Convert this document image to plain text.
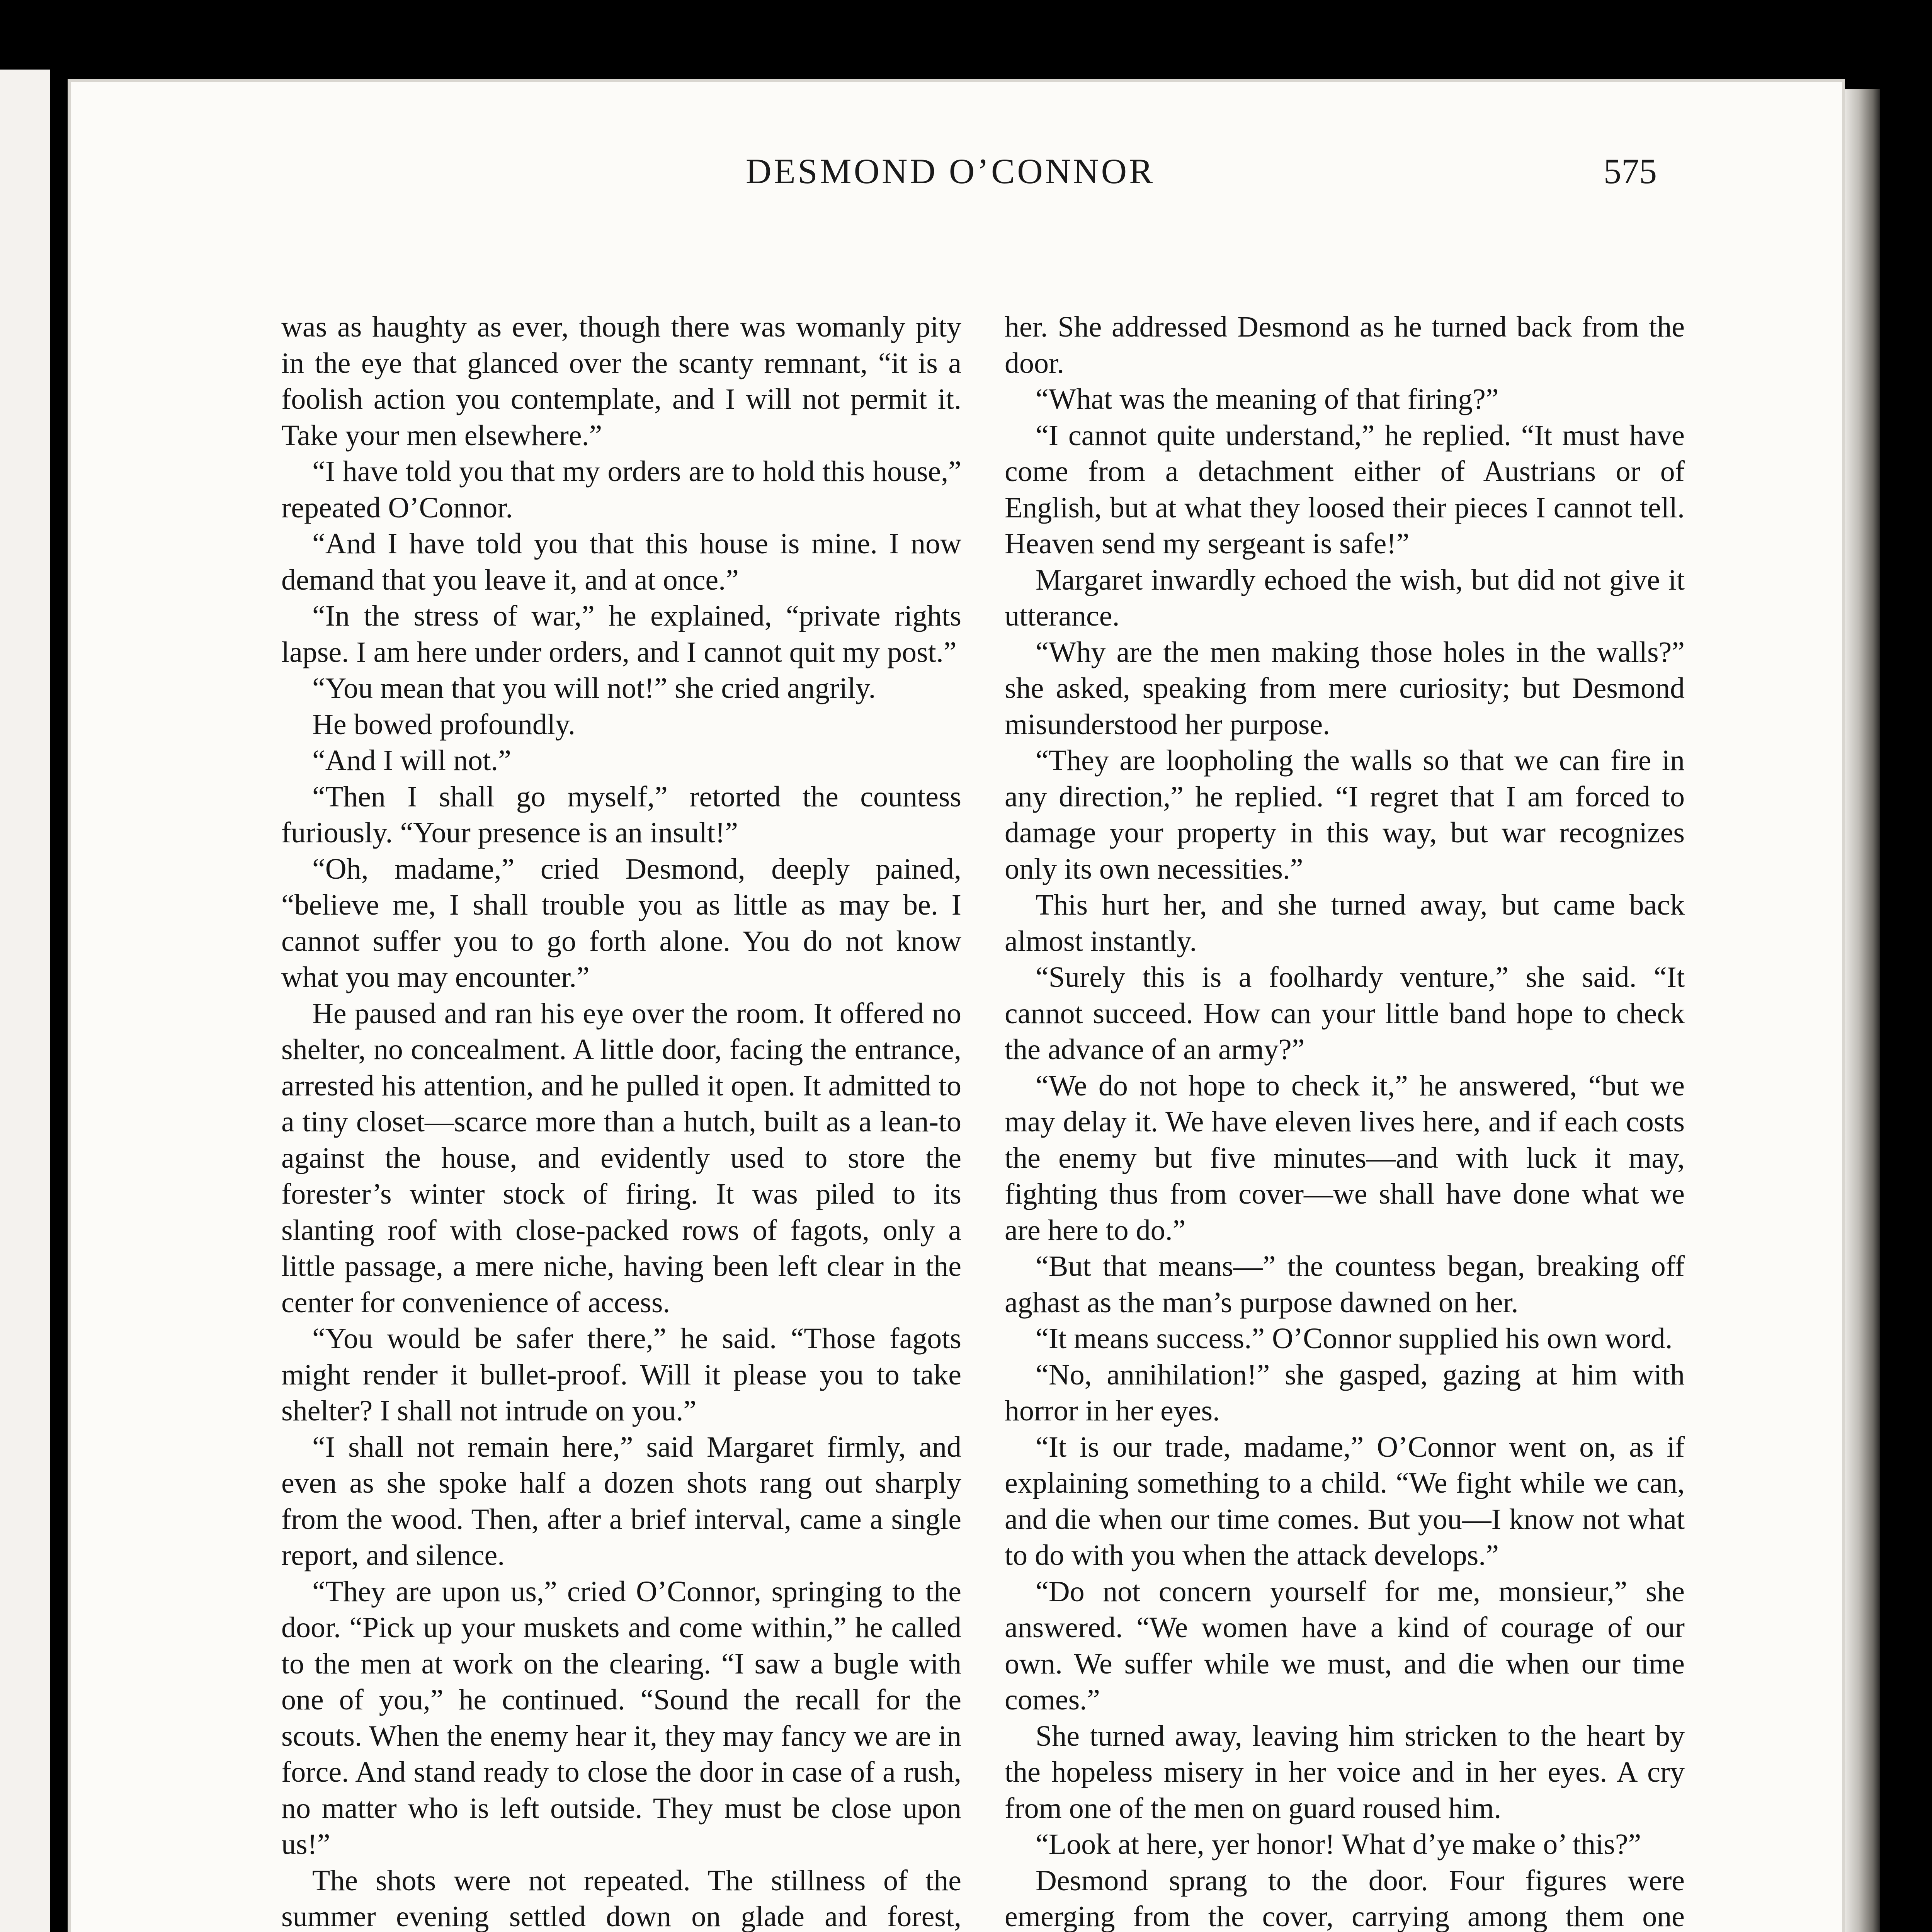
DESMOND O’CONNOR	575

was as haughty as ever, though there was womanly pity in the eye that glanced over the scanty remnant, “it is a foolish action you contemplate, and I will not permit it. Take your men elsewhere.”

“I have told you that my orders are to hold this house,” repeated O’Connor.

“And I have told you that this house is mine. I now demand that you leave it, and at once.”

“In the stress of war,” he explained, “private rights lapse. I am here under orders, and I cannot quit my post.”

“You mean that you will not!” she cried angrily.

He bowed profoundly.

“And I will not.”

“Then I shall go myself,” retorted the countess furiously. “Your presence is an insult!”

“Oh, madame,” cried Desmond, deeply pained, “believe me, I shall trouble you as little as may be. I cannot suffer you to go forth alone. You do not know what you may encounter.”

He paused and ran his eye over the room. It offered no shelter, no concealment. A little door, facing the entrance, arrested his attention, and he pulled it open. It admitted to a tiny closet—scarce more than a hutch, built as a lean-to against the house, and evidently used to store the forester’s winter stock of firing. It was piled to its slanting roof with close-packed rows of fagots, only a little passage, a mere niche, having been left clear in the center for convenience of access.

“You would be safer there,” he said. “Those fagots might render it bullet-proof. Will it please you to take shelter? I shall not intrude on you.”

“I shall not remain here,” said Margaret firmly, and even as she spoke half a dozen shots rang out sharply from the wood. Then, after a brief interval, came a single report, and silence.

“They are upon us,” cried O’Connor, springing to the door. “Pick up your muskets and come within,” he called to the men at work on the clearing. “I saw a bugle with one of you,” he continued. “Sound the recall for the scouts. When the enemy hear it, they may fancy we are in force. And stand ready to close the door in case of a rush, no matter who is left outside. They must be close upon us!”

The shots were not repeated. The stillness of the summer evening settled down on glade and forest,

her. She addressed Desmond as he turned back from the door.

“What was the meaning of that firing?”

“I cannot quite understand,” he replied. “It must have come from a detachment either of Austrians or of English, but at what they loosed their pieces I cannot tell. Heaven send my sergeant is safe!”

Margaret inwardly echoed the wish, but did not give it utterance.

“Why are the men making those holes in the walls?” she asked, speaking from mere curiosity; but Desmond misunderstood her purpose.

“They are loopholing the walls so that we can fire in any direction,” he replied. “I regret that I am forced to damage your property in this way, but war recognizes only its own necessities.”

This hurt her, and she turned away, but came back almost instantly.

“Surely this is a foolhardy venture,” she said. “It cannot succeed. How can your little band hope to check the advance of an army?”

“We do not hope to check it,” he answered, “but we may delay it. We have eleven lives here, and if each costs the enemy but five minutes—and with luck it may, fighting thus from cover—we shall have done what we are here to do.”

“But that means—” the countess began, breaking off aghast as the man’s purpose dawned on her.

“It means success.” O’Connor supplied his own word.

“No, annihilation!” she gasped, gazing at him with horror in her eyes.

“It is our trade, madame,” O’Connor went on, as if explaining something to a child. “We fight while we can, and die when our time comes. But you—I know not what to do with you when the attack develops.”

“Do not concern yourself for me, monsieur,” she answered. “We women have a kind of courage of our own. We suffer while we must, and die when our time comes.”

She turned away, leaving him stricken to the heart by the hopeless misery in her voice and in her eyes. A cry from one of the men on guard roused him.

“Look at here, yer honor! What d’ye make o’ this?”

Desmond sprang to the door. Four figures were emerging from the cover, carrying among them one
